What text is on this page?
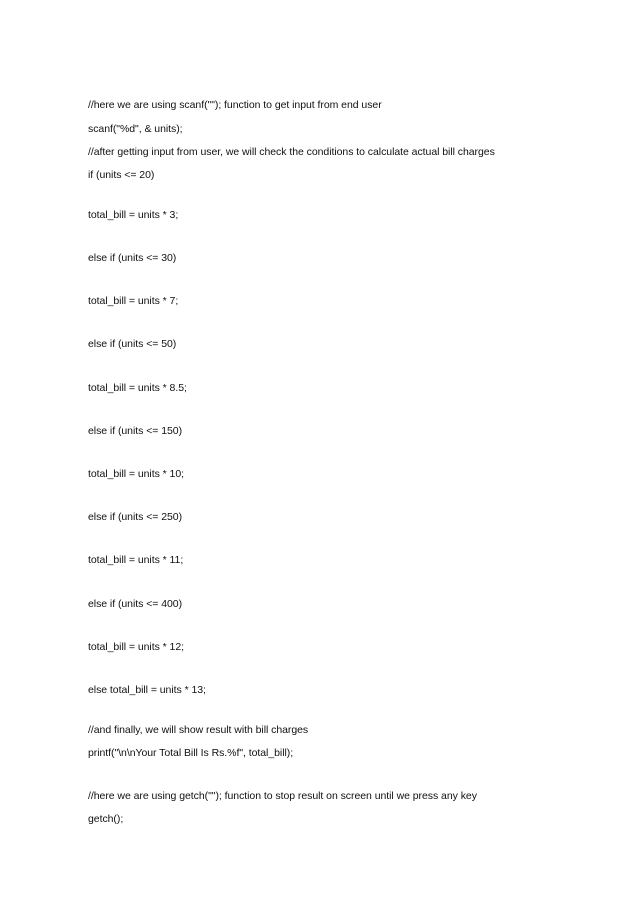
//here we are using scanf(""); function to get input from end user
scanf("%d", & units);
//after getting input from user, we will check the conditions to calculate actual bill charges
if (units <= 20)
total_bill = units * 3;
else if (units <= 30)
total_bill = units * 7;
else if (units <= 50)
total_bill = units * 8.5;
else if (units <= 150)
total_bill = units * 10;
else if (units <= 250)
total_bill = units * 11;
else if (units <= 400)
total_bill = units * 12;
else total_bill = units * 13;
//and finally, we will show result with bill charges
printf("\n\nYour Total Bill Is Rs.%f", total_bill);
//here we are using getch(""); function to stop result on screen until we press any key
getch();
